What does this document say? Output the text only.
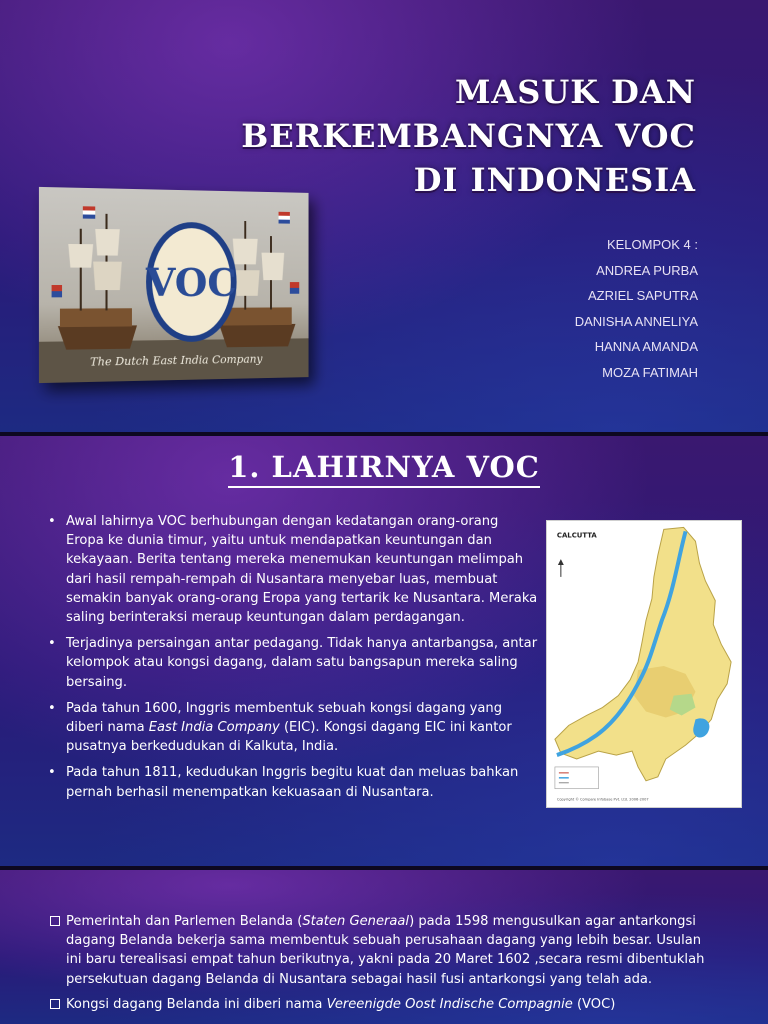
MASUK DAN
BERKEMBANGNYA VOC
DI INDONESIA
KELOMPOK 4 :
ANDREA PURBA
AZRIEL SAPUTRA
DANISHA ANNELIYA
HANNA AMANDA
MOZA FATIMAH
VOC
The Dutch East India Company
1. LAHIRNYA VOC
• Awal lahirnya VOC berhubungan dengan kedatangan orang-orang Eropa ke dunia timur, yaitu untuk mendapatkan keuntungan dan kekayaan. Berita tentang mereka menemukan keuntungan melimpah dari hasil rempah-rempah di Nusantara menyebar luas, membuat semakin banyak orang-orang Eropa yang tertarik ke Nusantara. Meraka saling berinteraksi meraup keuntungan dalam perdagangan.
• Terjadinya persaingan antar pedagang. Tidak hanya antarbangsa, antar kelompok atau kongsi dagang, dalam satu bangsapun mereka saling bersaing.
• Pada tahun 1600, Inggris membentuk sebuah kongsi dagang yang diberi nama East India Company (EIC). Kongsi dagang EIC ini kantor pusatnya berkedudukan di Kalkuta, India.
• Pada tahun 1811, kedudukan Inggris begitu kuat dan meluas bahkan pernah berhasil menempatkan kekuasaan di Nusantara.
CALCUTTA
Copyright © Compare Infobase Pvt. Ltd. 2006-2007
Pemerintah dan Parlemen Belanda (Staten Generaal) pada 1598 mengusulkan agar antarkongsi dagang Belanda bekerja sama membentuk sebuah perusahaan dagang yang lebih besar. Usulan ini baru terealisasi empat tahun berikutnya, yakni pada 20 Maret 1602 ,secara resmi dibentuklah persekutuan dagang Belanda di Nusantara sebagai hasil fusi antarkongsi yang telah ada.
Kongsi dagang Belanda ini diberi nama Vereenigde Oost Indische Compagnie (VOC)
